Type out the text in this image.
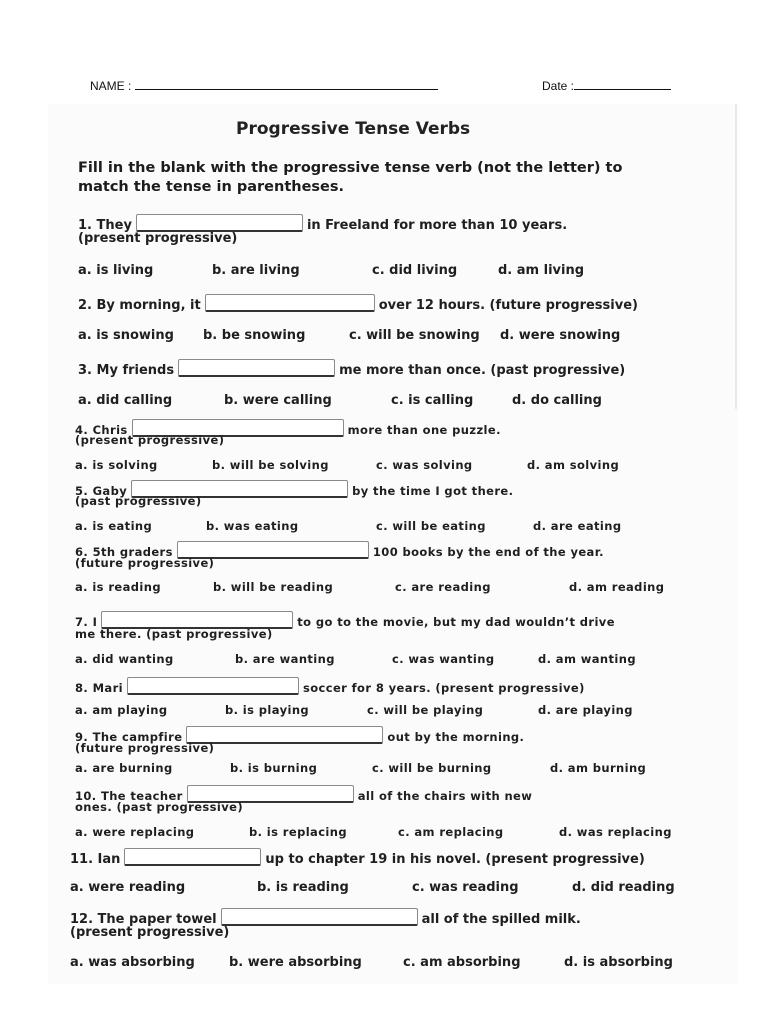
NAME :	Date :
Progressive Tense Verbs
Fill in the blank with the progressive tense verb (not the letter) to match the tense in parentheses.
1. They	in Freeland for more than 10 years.
(present progressive)
a. is living	b. are living	c. did living	d. am living
2. By morning, it	over 12 hours. (future progressive)
a. is snowing b. be snowing	c. will be snowing d. were snowing
3. My friends	me more than once. (past progressive)
a. did calling	b. were calling	c. is calling	d. do calling
4. Chris	more than one puzzle.
(present progressive)
a. is solving	b. will be solving	c. was solving	d. am solving
5. Gaby	by the time I got there.
(past progressive)
a. is eating	b. was eating	c. will be eating	d. are eating
6. 5th graders	100 books by the end of the year.
(future progressive)
a. is reading	b. will be reading	c. are reading	d. am reading
7. I	to go to the movie, but my dad wouldn’t drive
me there. (past progressive)
a. did wanting	b. are wanting	c. was wanting	d. am wanting
8. Mari	soccer for 8 years. (present progressive)
a. am playing	b. is playing	c. will be playing	d. are playing
9. The campfire	out by the morning.
(future progressive)
a. are burning	b. is burning	c. will be burning	d. am burning
10. The teacher	all of the chairs with new
ones. (past progressive)
a. were replacing	b. is replacing	c. am replacing	d. was replacing
11. Ian	up to chapter 19 in his novel. (present progressive)
a. were reading	b. is reading	c. was reading	d. did reading
12. The paper towel	all of the spilled milk.
(present progressive)
a. was absorbing	b. were absorbing	c. am absorbing	d. is absorbing
